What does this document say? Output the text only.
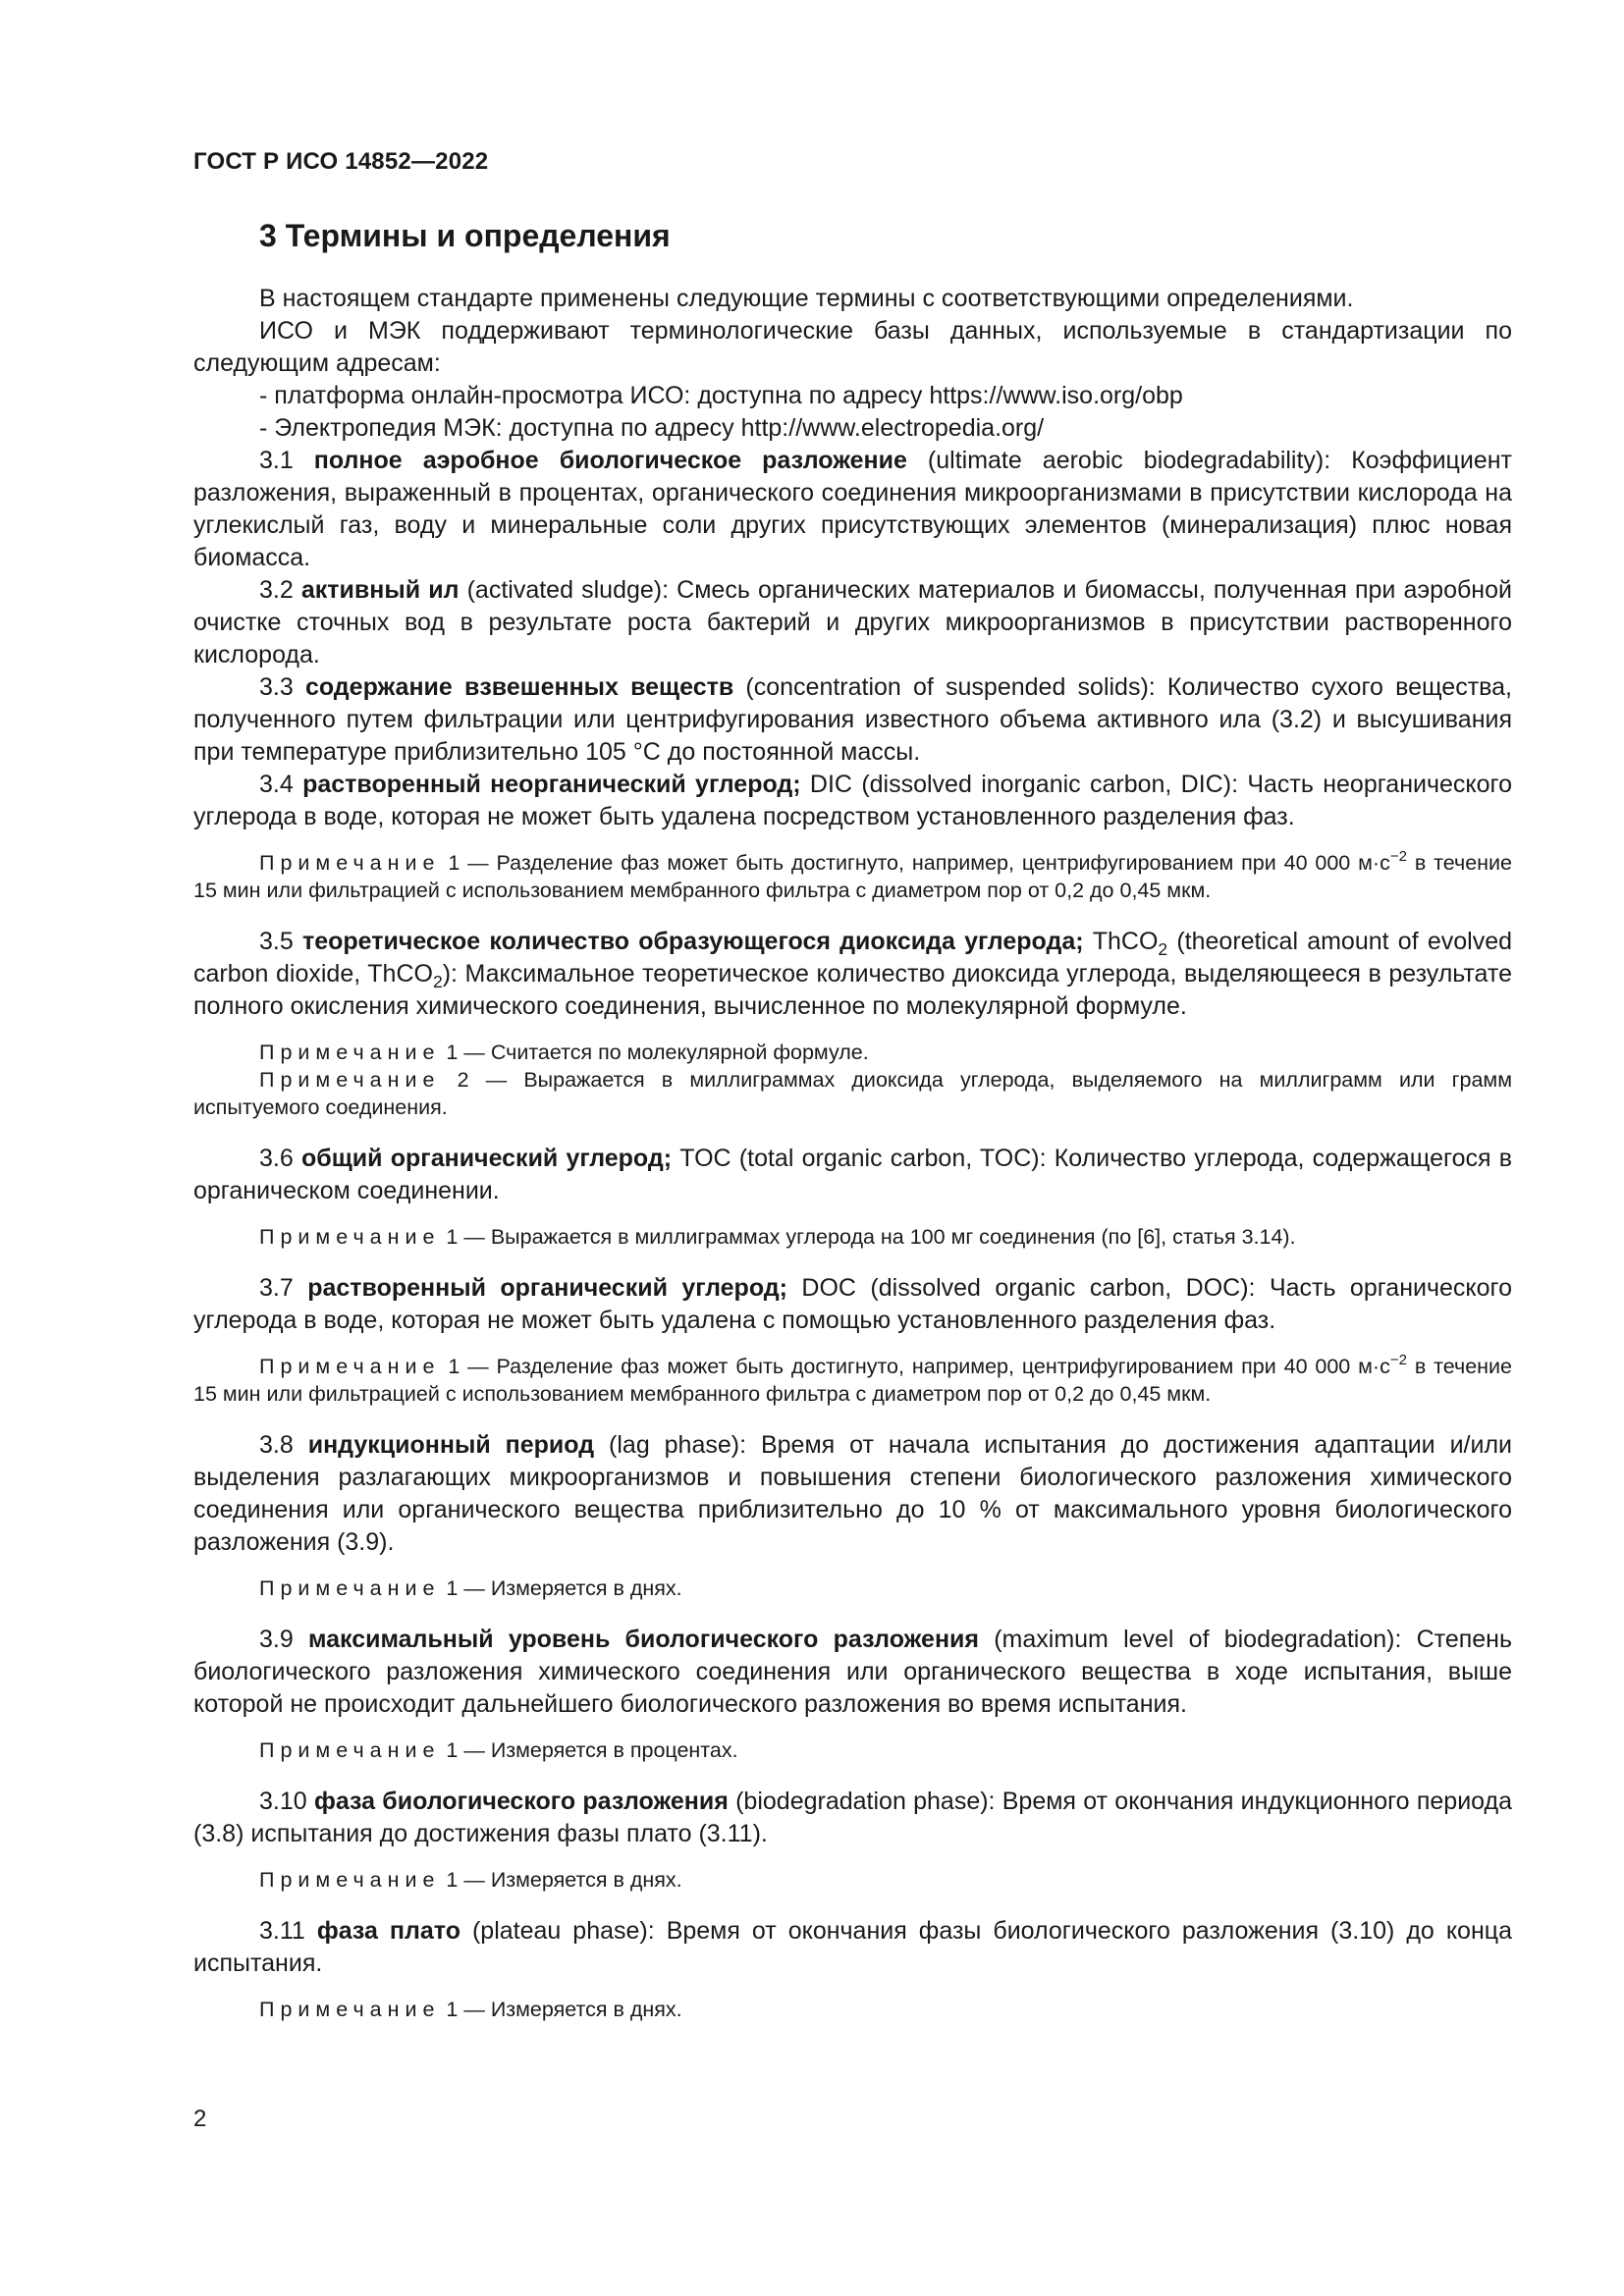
ГОСТ Р ИСО 14852—2022
3 Термины и определения

В настоящем стандарте применены следующие термины с соответствующими определениями.

ИСО и МЭК поддерживают терминологические базы данных, используемые в стандартизации по следующим адресам:

- платформа онлайн-просмотра ИСО: доступна по адресу https://www.iso.org/obp

- Электропедия МЭК: доступна по адресу http://www.electropedia.org/

3.1 полное аэробное биологическое разложение (ultimate aerobic biodegradability): Коэффициент разложения, выраженный в процентах, органического соединения микроорганизмами в присутствии кислорода на углекислый газ, воду и минеральные соли других присутствующих элементов (минерализация) плюс новая биомасса.

3.2 активный ил (activated sludge): Смесь органических материалов и биомассы, полученная при аэробной очистке сточных вод в результате роста бактерий и других микроорганизмов в присутствии растворенного кислорода.

3.3 содержание взвешенных веществ (concentration of suspended solids): Количество сухого вещества, полученного путем фильтрации или центрифугирования известного объема активного ила (3.2) и высушивания при температуре приблизительно 105 °С до постоянной массы.

3.4 растворенный неорганический углерод; DIC (dissolved inorganic carbon, DIC): Часть неорганического углерода в воде, которая не может быть удалена посредством установленного разделения фаз.

Примечание 1 — Разделение фаз может быть достигнуто, например, центрифугированием при 40 000 $м\cdot с^{-2}$ в течение 15 мин или фильтрацией с использованием мембранного фильтра с диаметром пор от 0,2 до 0,45 мкм.

3.5 теоретическое количество образующегося диоксида углерода; ThCO$_2$ (theoretical amount of evolved carbon dioxide, ThCO$_2$): Максимальное теоретическое количество диоксида углерода, выделяющееся в результате полного окисления химического соединения, вычисленное по молекулярной формуле.

Примечание 1 — Считается по молекулярной формуле.

Примечание 2 — Выражается в миллиграммах диоксида углерода, выделяемого на миллиграмм или грамм испытуемого соединения.

3.6 общий органический углерод; TOC (total organic carbon, TOC): Количество углерода, содержащегося в органическом соединении.

Примечание 1 — Выражается в миллиграммах углерода на 100 мг соединения (по [6], статья 3.14).

3.7 растворенный органический углерод; DOC (dissolved organic carbon, DOC): Часть органического углерода в воде, которая не может быть удалена с помощью установленного разделения фаз.

Примечание 1 — Разделение фаз может быть достигнуто, например, центрифугированием при 40 000 $м\cdot с^{-2}$ в течение 15 мин или фильтрацией с использованием мембранного фильтра с диаметром пор от 0,2 до 0,45 мкм.

3.8 индукционный период (lag phase): Время от начала испытания до достижения адаптации и/или выделения разлагающих микроорганизмов и повышения степени биологического разложения химического соединения или органического вещества приблизительно до 10 % от максимального уровня биологического разложения (3.9).

Примечание 1 — Измеряется в днях.

3.9 максимальный уровень биологического разложения (maximum level of biodegradation): Степень биологического разложения химического соединения или органического вещества в ходе испытания, выше которой не происходит дальнейшего биологического разложения во время испытания.

Примечание 1 — Измеряется в процентах.

3.10 фаза биологического разложения (biodegradation phase): Время от окончания индукционного периода (3.8) испытания до достижения фазы плато (3.11).

Примечание 1 — Измеряется в днях.

3.11 фаза плато (plateau phase): Время от окончания фазы биологического разложения (3.10) до конца испытания.

Примечание 1 — Измеряется в днях.

2
